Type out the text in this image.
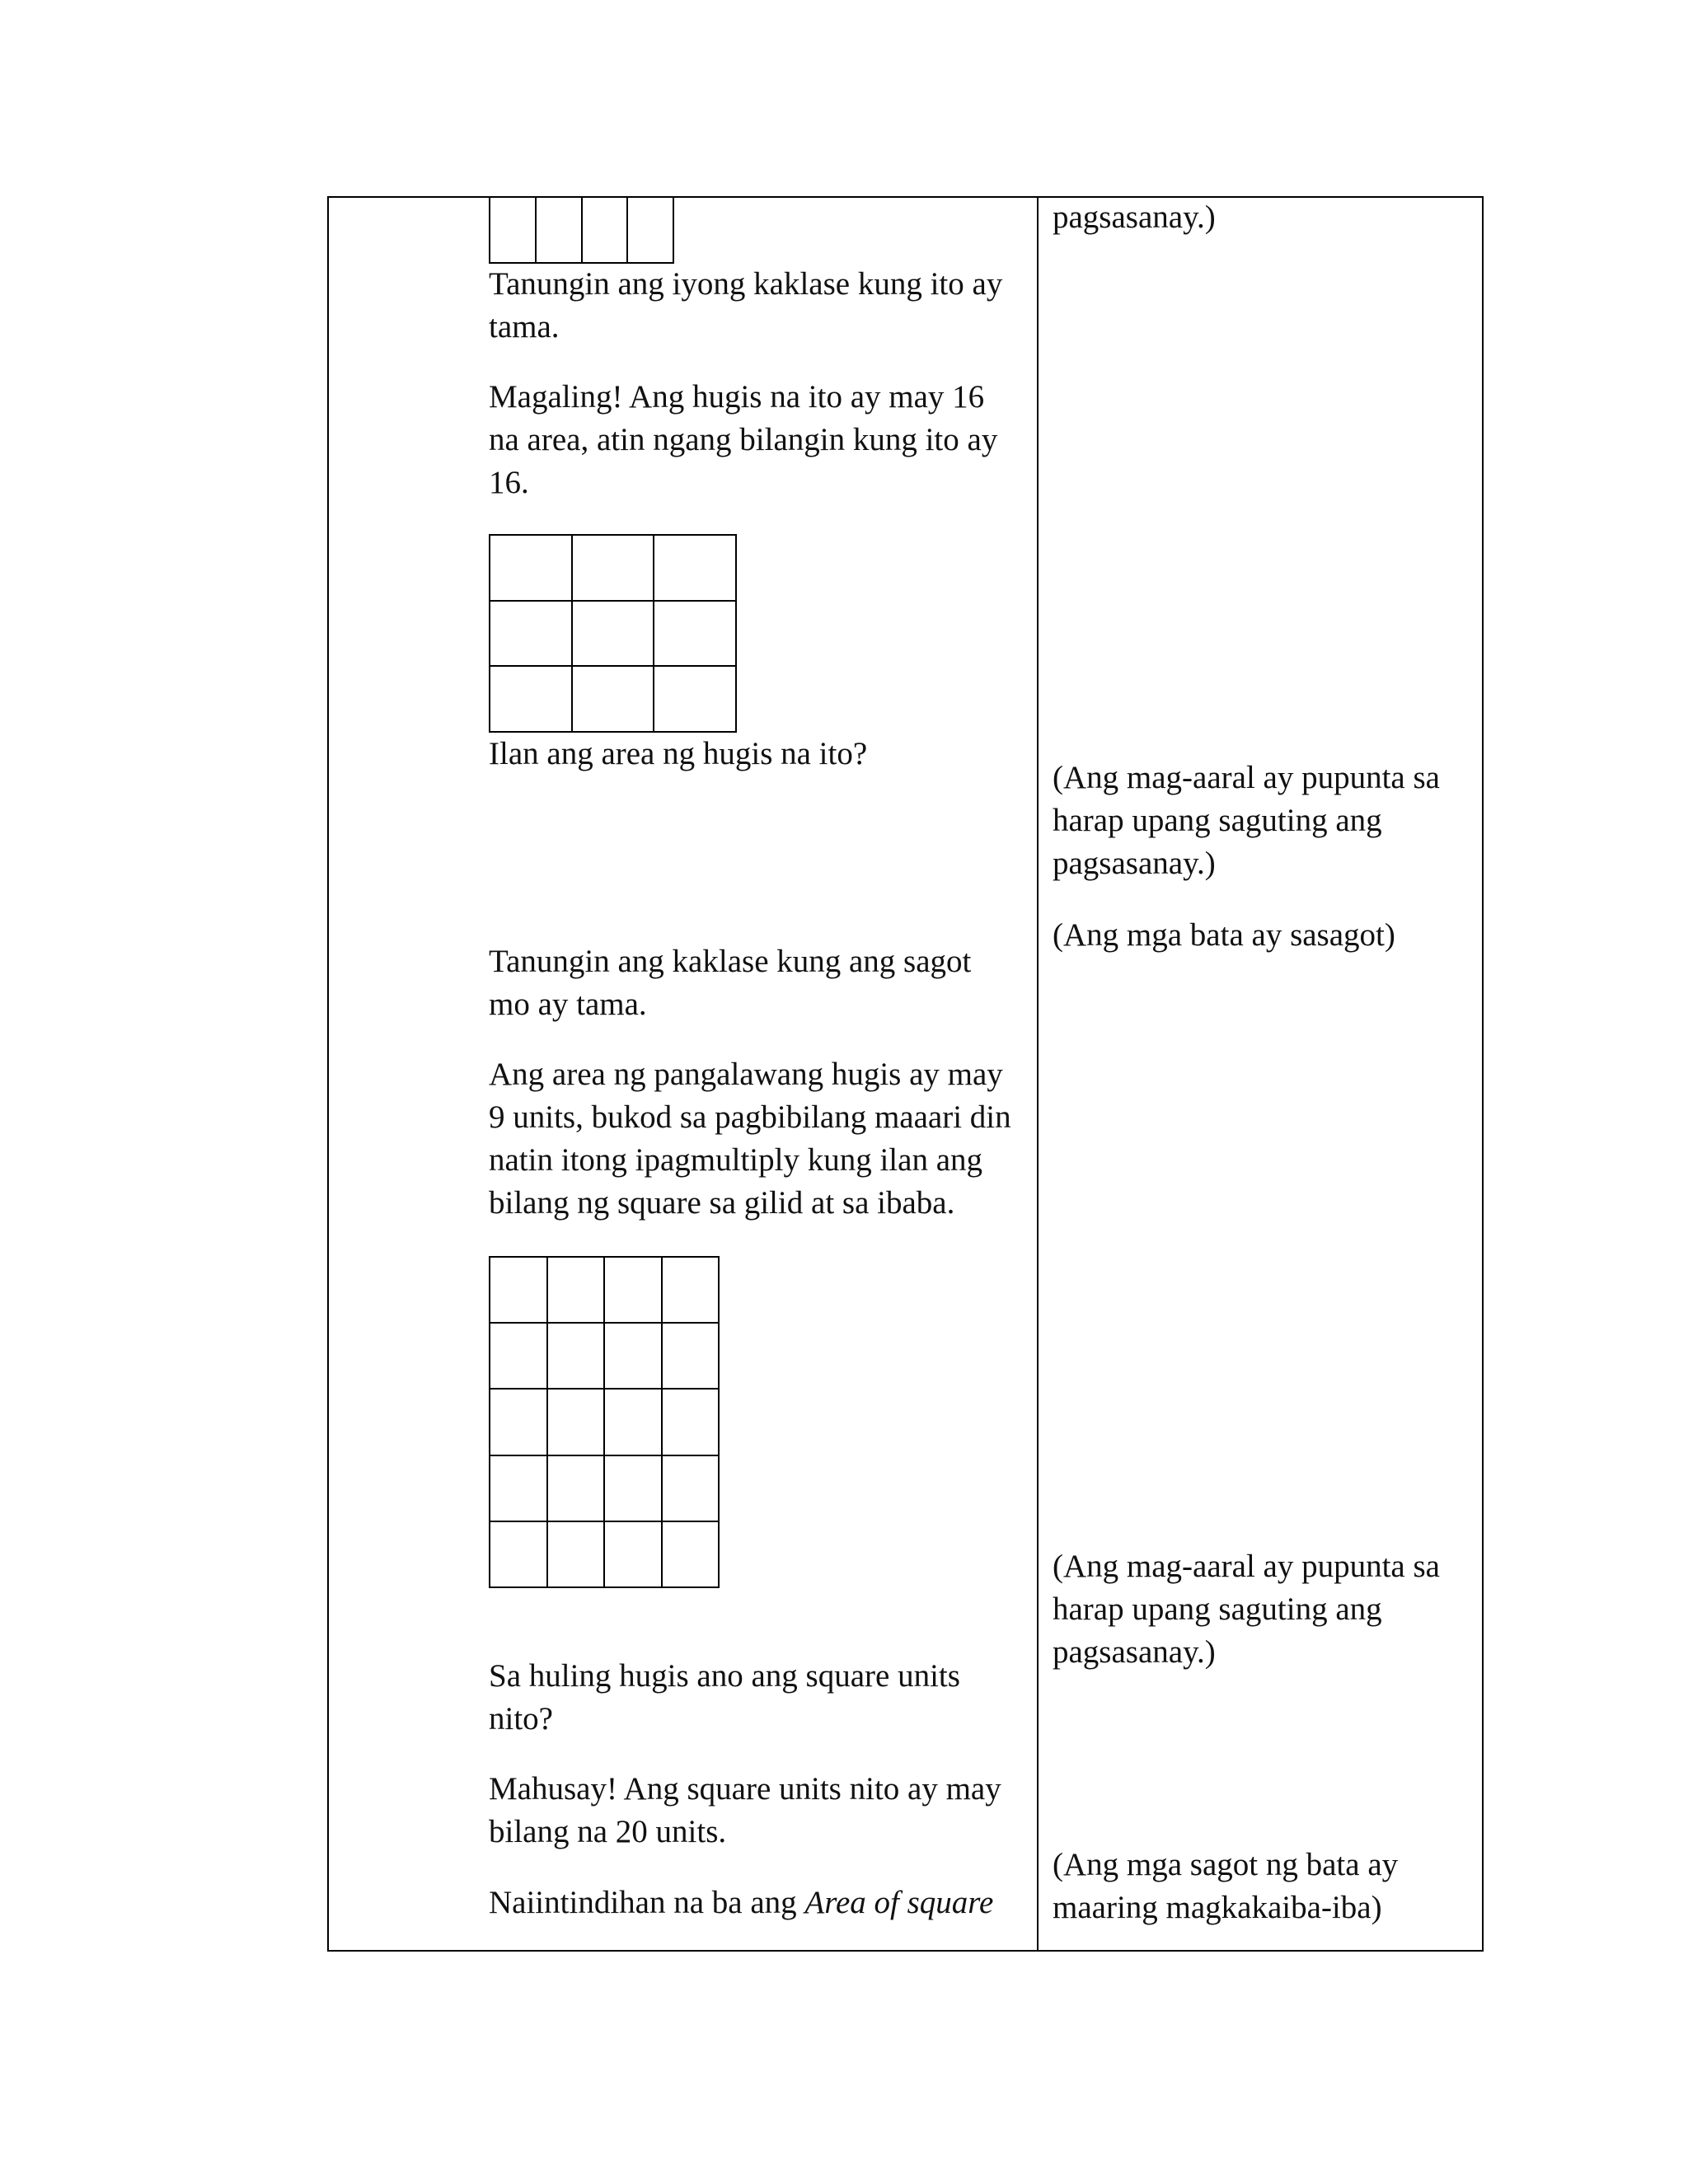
Tanungin ang iyong kaklase kung ito ay
tama.

Magaling! Ang hugis na ito ay may 16
na area, atin ngang bilangin kung ito ay
16.

Ilan ang area ng hugis na ito?

Tanungin ang kaklase kung ang sagot
mo ay tama.

Ang area ng pangalawang hugis ay may
9 units, bukod sa pagbibilang maaari din
natin itong ipagmultiply kung ilan ang
bilang ng square sa gilid at sa ibaba.

Sa huling hugis ano ang square units
nito?

Mahusay! Ang square units nito ay may
bilang na 20 units.

Naiintindihan na ba ang Area of square

pagsasanay.)

(Ang mag-aaral ay pupunta sa
harap upang saguting ang
pagsasanay.)

(Ang mga bata ay sasagot)

(Ang mag-aaral ay pupunta sa
harap upang saguting ang
pagsasanay.)

(Ang mga sagot ng bata ay
maaring magkakaiba-iba)
